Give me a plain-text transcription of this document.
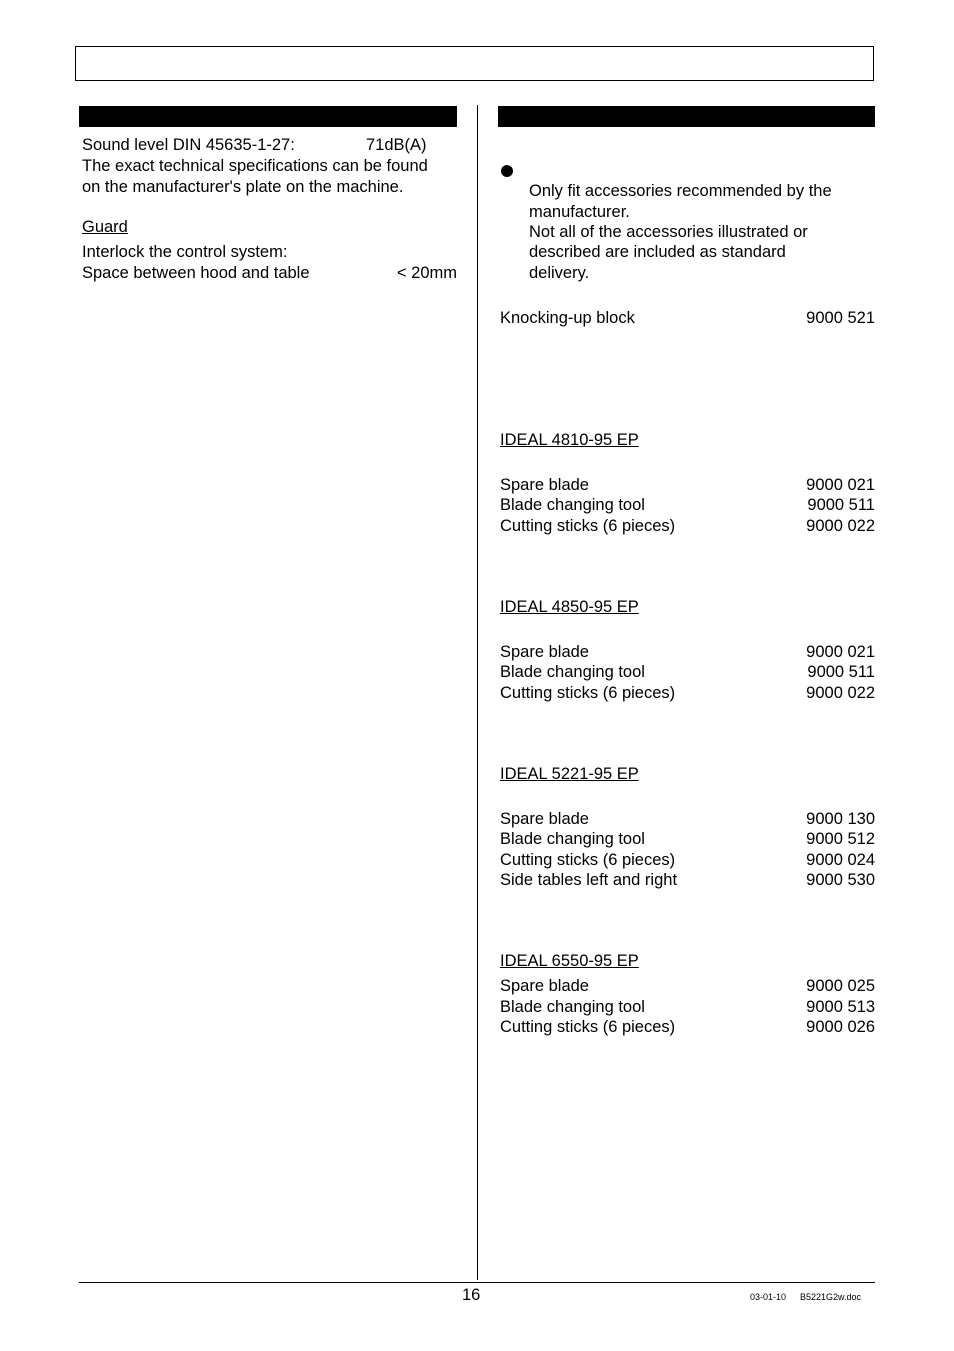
Sound level DIN 45635-1-27:	71dB(A)
The exact technical specifications can be found
on the manufacturer's plate on the machine.
Guard
Interlock the control system:
Space between hood and table	< 20mm
Only fit accessories recommended by the
manufacturer.
Not all of the accessories illustrated or
described are included as standard
delivery.
Knocking-up block	9000 521
IDEAL 4810-95 EP
Spare blade	9000 021
Blade changing tool	9000 511
Cutting sticks (6 pieces)	9000 022
IDEAL 4850-95 EP
Spare blade	9000 021
Blade changing tool	9000 511
Cutting sticks (6 pieces)	9000 022
IDEAL 5221-95 EP
Spare blade	9000 130
Blade changing tool	9000 512
Cutting sticks (6 pieces)	9000 024
Side tables left and right	9000 530
IDEAL 6550-95 EP
Spare blade	9000 025
Blade changing tool	9000 513
Cutting sticks (6 pieces)	9000 026
16	03-01-10 B5221G2w.doc
